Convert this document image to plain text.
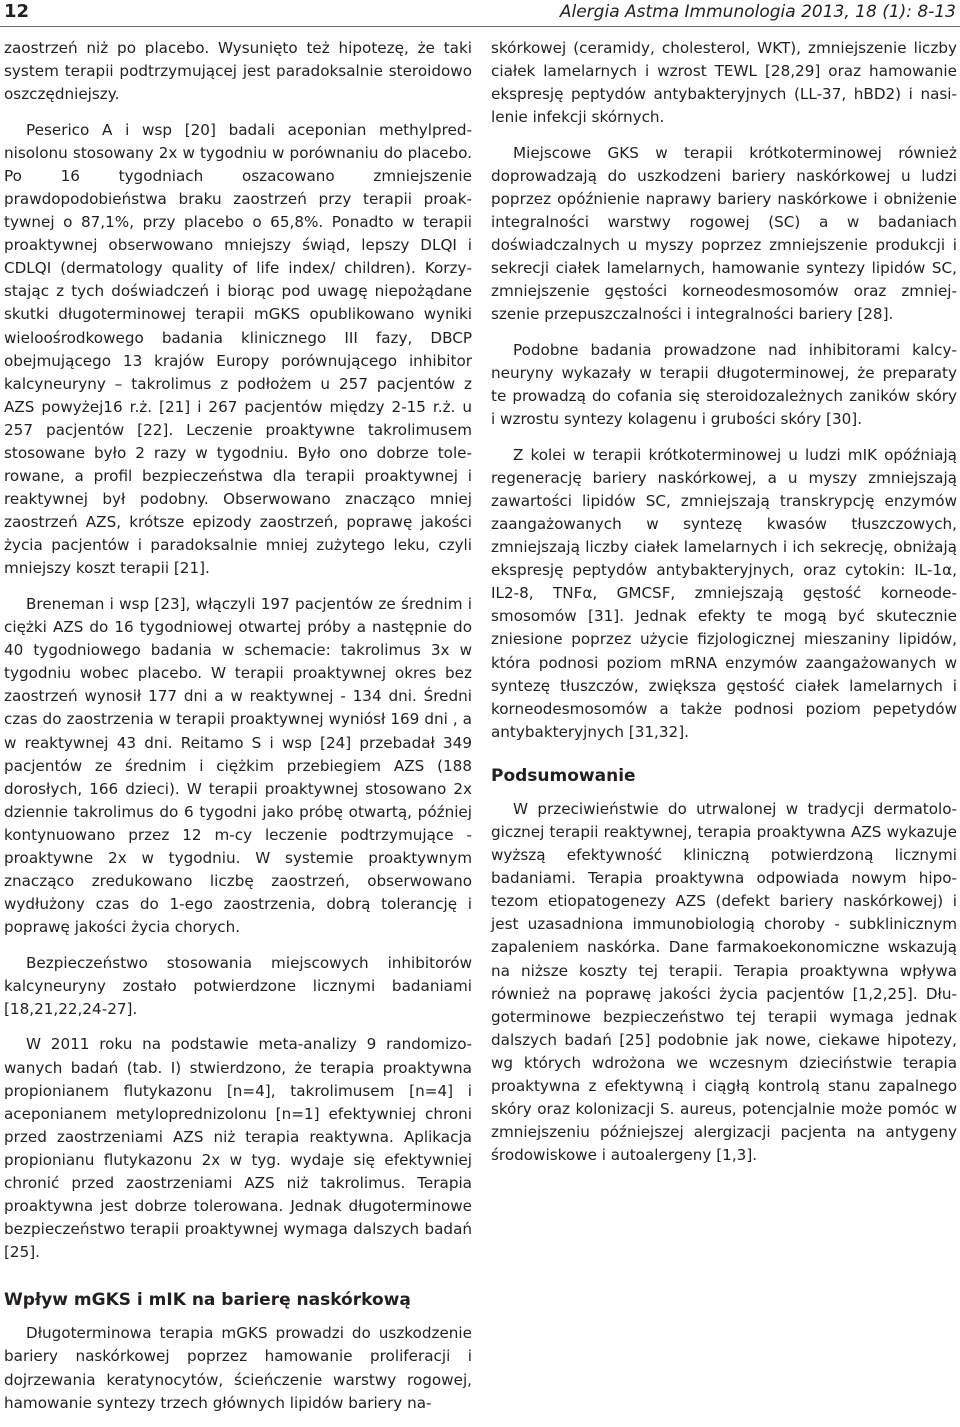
12	Alergia Astma Immunologia 2013, 18 (1): 8-13

zaostrzeń niż po placebo. Wysunięto też hipotezę, że taki system terapii podtrzymującej jest paradoksalnie steroidowo oszczędniejszy.

Peserico A i wsp [20] badali aceponian methylprednisolonu stosowany 2x w tygodniu w porównaniu do placebo. Po 16 tygodniach oszacowano zmniejszenie prawdopodobieństwa braku zaostrzeń przy terapii proaktywnej o 87,1%, przy placebo o 65,8%. Ponadto w terapii proaktywnej obserwowano mniejszy świąd, lepszy DLQI i CDLQI (dermatology quality of life index/ children). Korzystając z tych doświadczeń i biorąc pod uwagę niepożądane skutki długoterminowej terapii mGKS opublikowano wyniki wieloośrodkowego badania klinicznego III fazy, DBCP obejmującego 13 krajów Europy porównującego inhibitor kalcyneuryny – takrolimus z podłożem u 257 pacjentów z AZS powyżej16 r.ż. [21] i 267 pacjentów między 2-15 r.ż. u 257 pacjentów [22]. Leczenie proaktywne takrolimusem stosowane było 2 razy w tygodniu. Było ono dobrze tolerowane, a profil bezpieczeństwa dla terapii proaktywnej i reaktywnej był podobny. Obserwowano znacząco mniej zaostrzeń AZS, krótsze epizody zaostrzeń, poprawę jakości życia pacjentów i paradoksalnie mniej zużytego leku, czyli mniejszy koszt terapii [21].

Breneman i wsp [23], włączyli 197 pacjentów ze średnim i ciężki AZS do 16 tygodniowej otwartej próby a następnie do 40 tygodniowego badania w schemacie: takrolimus 3x w tygodniu wobec placebo. W terapii proaktywnej okres bez zaostrzeń wynosił 177 dni a w reaktywnej - 134 dni. Średni czas do zaostrzenia w terapii proaktywnej wyniósł 169 dni , a w reaktywnej 43 dni. Reitamo S i wsp [24] przebadał 349 pacjentów ze średnim i ciężkim przebiegiem AZS (188 dorosłych, 166 dzieci). W terapii proaktywnej stosowano 2x dziennie takrolimus do 6 tygodni jako próbę otwartą, później kontynuowano przez 12 m-cy leczenie podtrzymujące - proaktywne 2x w tygodniu. W systemie proaktywnym znacząco zredukowano liczbę zaostrzeń, obserwowano wydłużony czas do 1-ego zaostrzenia, dobrą tolerancję i poprawę jakości życia chorych.

Bezpieczeństwo stosowania miejscowych inhibitorów kalcyneuryny zostało potwierdzone licznymi badaniami [18,21,22,24-27].

W 2011 roku na podstawie meta-analizy 9 randomizowanych badań (tab. I) stwierdzono, że terapia proaktywna propionianem flutykazonu [n=4], takrolimusem [n=4] i aceponianem metyloprednizolonu [n=1] efektywniej chroni przed zaostrzeniami AZS niż terapia reaktywna. Aplikacja propionianu flutykazonu 2x w tyg. wydaje się efektywniej chronić przed zaostrzeniami AZS niż takrolimus. Terapia proaktywna jest dobrze tolerowana. Jednak długoterminowe bezpieczeństwo terapii proaktywnej wymaga dalszych badań [25].

Wpływ mGKS i mIK na barierę naskórkową

Długoterminowa terapia mGKS prowadzi do uszkodzenie bariery naskórkowej poprzez hamowanie proliferacji i dojrzewania keratynocytów, ścieńczenie warstwy rogowej, hamowanie syntezy trzech głównych lipidów bariery na-

skórkowej (ceramidy, cholesterol, WKT), zmniejszenie liczby ciałek lamelarnych i wzrost TEWL [28,29] oraz hamowanie ekspresję peptydów antybakteryjnych (LL-37, hBD2) i nasilenie infekcji skórnych.

Miejscowe GKS w terapii krótkoterminowej również doprowadzają do uszkodzeni bariery naskórkowej u ludzi poprzez opóźnienie naprawy bariery naskórkowe i obniżenie integralności warstwy rogowej (SC) a w badaniach doświadczalnych u myszy poprzez zmniejszenie produkcji i sekrecji ciałek lamelarnych, hamowanie syntezy lipidów SC, zmniejszenie gęstości korneodesmosomów oraz zmniejszenie przepuszczalności i integralności bariery [28].

Podobne badania prowadzone nad inhibitorami kalcyneuryny wykazały w terapii długoterminowej, że preparaty te prowadzą do cofania się steroidozależnych zaników skóry i wzrostu syntezy kolagenu i grubości skóry [30].

Z kolei w terapii krótkoterminowej u ludzi mIK opóźniają regenerację bariery naskórkowej, a u myszy zmniejszają zawartości lipidów SC, zmniejszają transkrypcję enzymów zaangażowanych w syntezę kwasów tłuszczowych, zmniejszają liczby ciałek lamelarnych i ich sekrecję, obniżają ekspresję peptydów antybakteryjnych, oraz cytokin: IL-1α, IL2-8, TNFα, GMCSF, zmniejszają gęstość korneodesmosomów [31]. Jednak efekty te mogą być skutecznie zniesione poprzez użycie fizjologicznej mieszaniny lipidów, która podnosi poziom mRNA enzymów zaangażowanych w syntezę tłuszczów, zwiększa gęstość ciałek lamelarnych i korneodesmosomów a także podnosi poziom pepetydów antybakteryjnych [31,32].

Podsumowanie

W przeciwieństwie do utrwalonej w tradycji dermatologicznej terapii reaktywnej, terapia proaktywna AZS wykazuje wyższą efektywność kliniczną potwierdzoną licznymi badaniami. Terapia proaktywna odpowiada nowym hipotezom etiopatogenezy AZS (defekt bariery naskórkowej) i jest uzasadniona immunobiologią choroby - subklinicznym zapaleniem naskórka. Dane farmakoekonomiczne wskazują na niższe koszty tej terapii. Terapia proaktywna wpływa również na poprawę jakości życia pacjentów [1,2,25]. Długoterminowe bezpieczeństwo tej terapii wymaga jednak dalszych badań [25] podobnie jak nowe, ciekawe hipotezy, wg których wdrożona we wczesnym dzieciństwie terapia proaktywna z efektywną i ciągłą kontrolą stanu zapalnego skóry oraz kolonizacji S. aureus, potencjalnie może pomóc w zmniejszeniu późniejszej alergizacji pacjenta na antygeny środowiskowe i autoalergeny [1,3].
